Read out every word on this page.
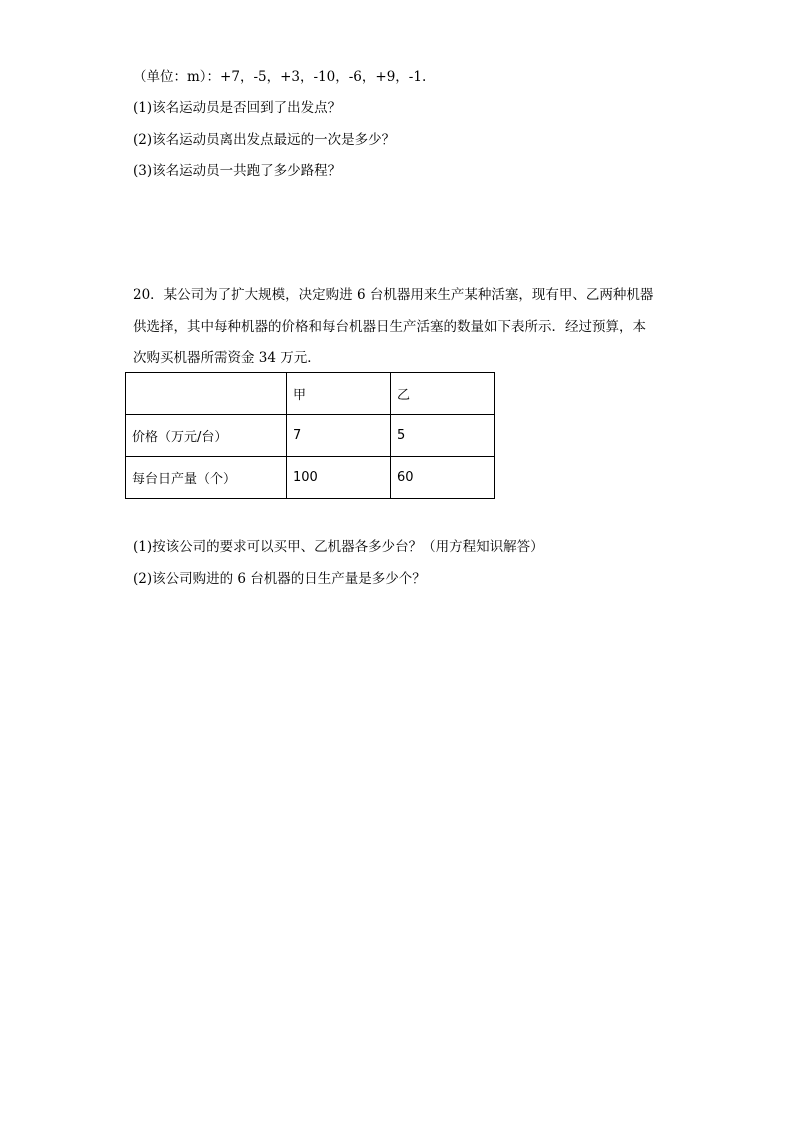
（单位：m）：+7，-5，+3，-10，-6，+9，-1.
(1)该名运动员是否回到了出发点？
(2)该名运动员离出发点最远的一次是多少？
(3)该名运动员一共跑了多少路程？
20．某公司为了扩大规模，决定购进 6 台机器用来生产某种活塞，现有甲、乙两种机器
供选择，其中每种机器的价格和每台机器日生产活塞的数量如下表所示．经过预算，本
次购买机器所需资金 34 万元．
	甲	乙
价格（万元/台）	7	5
每台日产量（个）	100	60
(1)按该公司的要求可以买甲、乙机器各多少台？（用方程知识解答）
(2)该公司购进的 6 台机器的日生产量是多少个？
